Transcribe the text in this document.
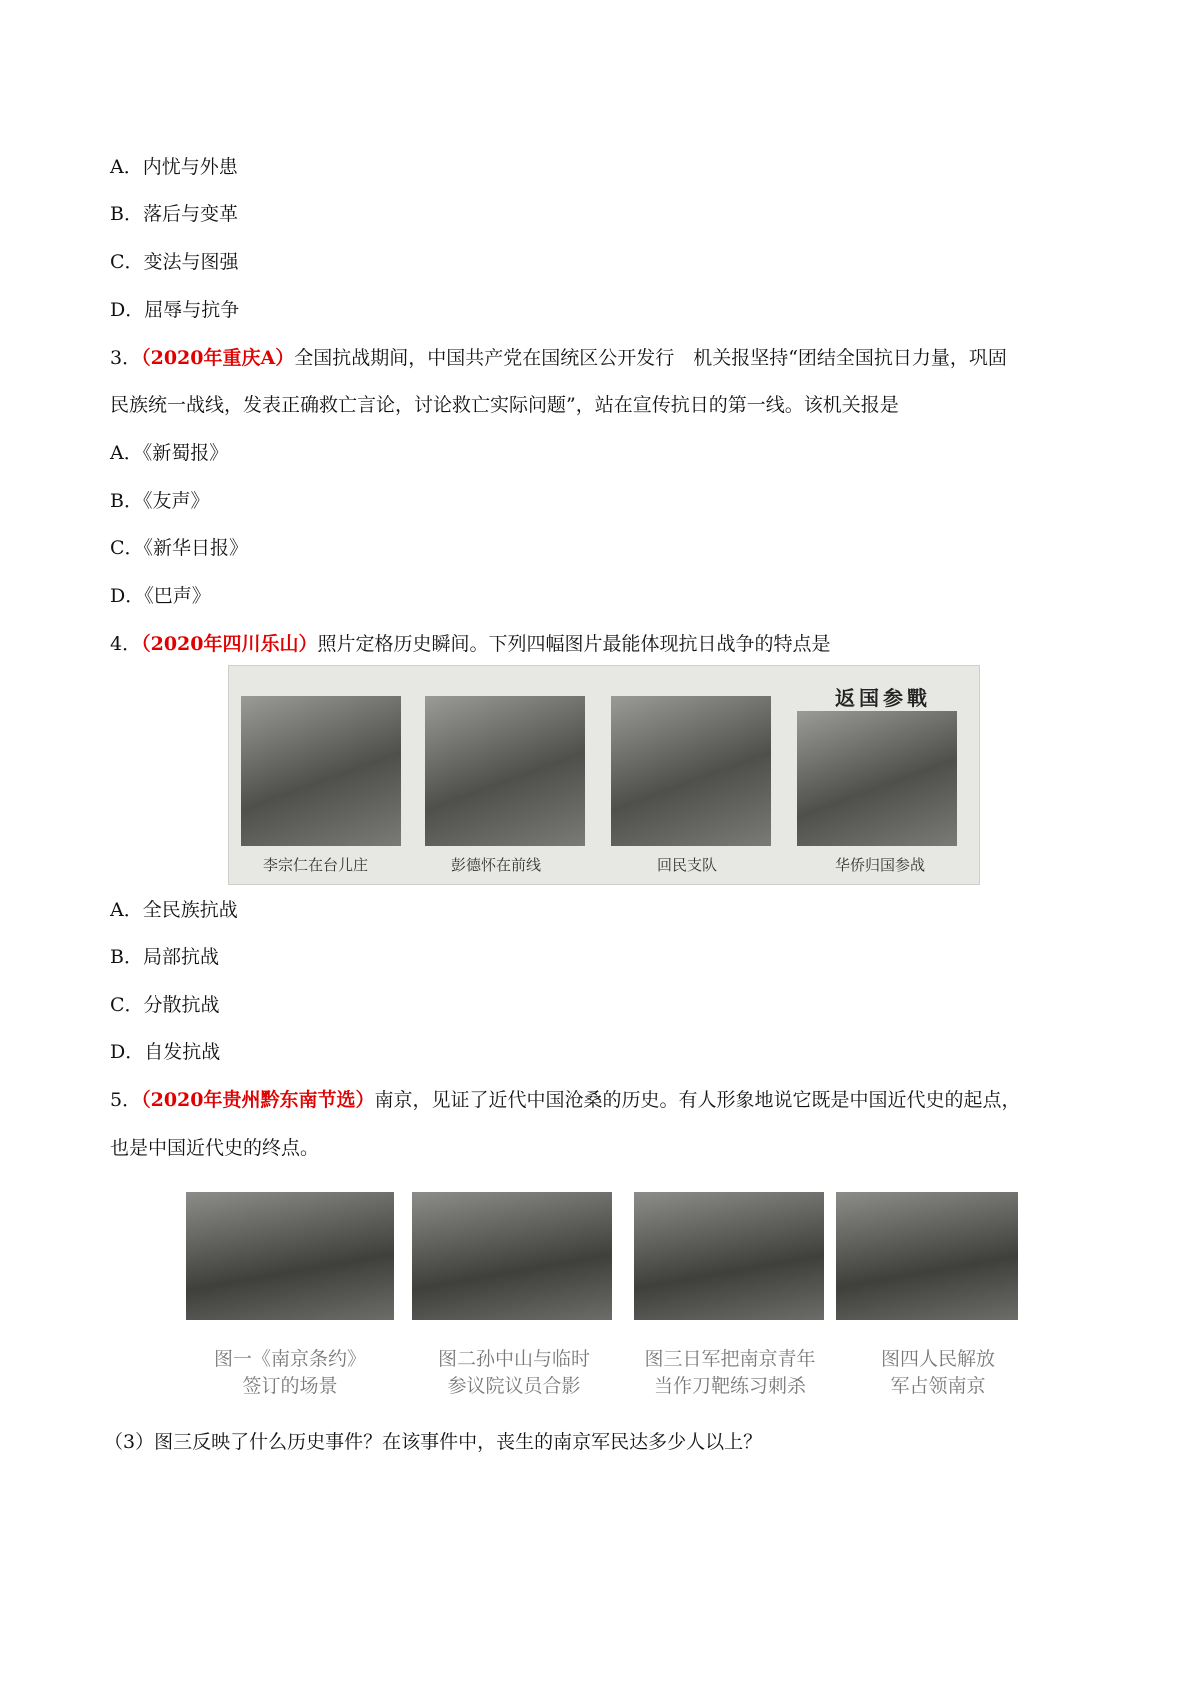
A．内忧与外患
B．落后与变革
C．变法与图强
D．屈辱与抗争
3．（2020年重庆A）全国抗战期间，中国共产党在国统区公开发行　机关报坚持“团结全国抗日力量，巩固
民族统一战线，发表正确救亡言论，讨论救亡实际问题”，站在宣传抗日的第一线。该机关报是
A．《新蜀报》
B．《友声》
C．《新华日报》
D．《巴声》
4．（2020年四川乐山）照片定格历史瞬间。下列四幅图片最能体现抗日战争的特点是
返国参戰
李宗仁在台儿庄	彭德怀在前线	回民支队	华侨归国参战
A．全民族抗战
B．局部抗战
C．分散抗战
D．自发抗战
5．（2020年贵州黔东南节选）南京，见证了近代中国沧桑的历史。有人形象地说它既是中国近代史的起点，
也是中国近代史的终点。
图一《南京条约》
签订的场景
图二孙中山与临时
参议院议员合影
图三日军把南京青年
当作刀靶练习刺杀
图四人民解放
军占领南京
（3）图三反映了什么历史事件？在该事件中，丧生的南京军民达多少人以上？
